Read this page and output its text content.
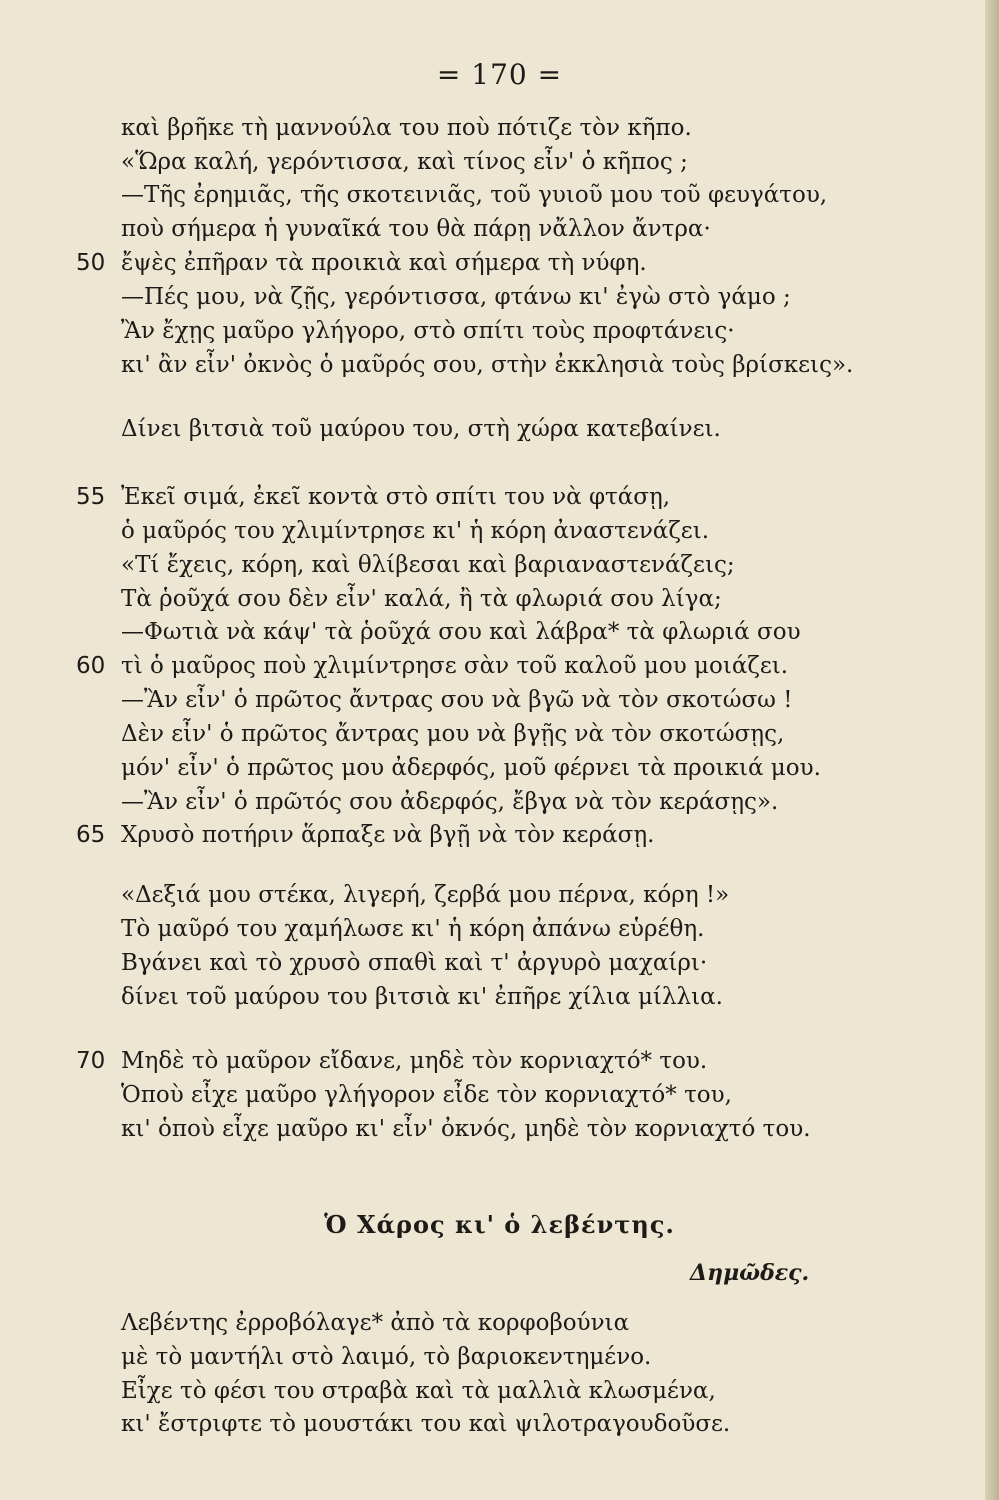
= 170 =
καὶ βρῆκε τὴ μαννούλα του ποὺ πότιζε τὸν κῆπο.
«Ὥρα καλή, γερόντισσα, καὶ τίνος εἶν' ὁ κῆπος ;
—Τῆς ἐρημιᾶς, τῆς σκοτεινιᾶς, τοῦ γυιοῦ μου τοῦ φευγάτου,
ποὺ σήμερα ἡ γυναῖκά του θὰ πάρῃ νἄλλον ἄντρα·
50 ἔψὲς ἐπῆραν τὰ προικιὰ καὶ σήμερα τὴ νύφη.
—Πές μου, νὰ ζῇς, γερόντισσα, φτάνω κι' ἐγὼ στὸ γάμο ;
Ἂν ἔχῃς μαῦρο γλήγορο, στὸ σπίτι τοὺς προφτάνεις·
κι' ἂν εἶν' ὀκνὸς ὁ μαῦρός σου, στὴν ἐκκλησιὰ τοὺς βρίσκεις».
Δίνει βιτσιὰ τοῦ μαύρου του, στὴ χώρα κατεβαίνει.
55 Ἐκεῖ σιμά, ἐκεῖ κοντὰ στὸ σπίτι του νὰ φτάσῃ,
ὁ μαῦρός του χλιμίντρησε κι' ἡ κόρη ἀναστενάζει.
«Τί ἔχεις, κόρη, καὶ θλίβεσαι καὶ βαριαναστενάζεις;
Τὰ ῥοῦχά σου δὲν εἶν' καλά, ἢ τὰ φλωριά σου λίγα;
—Φωτιὰ νὰ κάψ' τὰ ῥοῦχά σου καὶ λάβρα* τὰ φλωριά σου
60 τὶ ὁ μαῦρος ποὺ χλιμίντρησε σὰν τοῦ καλοῦ μου μοιάζει.
—Ἂν εἶν' ὁ πρῶτος ἄντρας σου νὰ βγῶ νὰ τὸν σκοτώσω !
Δὲν εἶν' ὁ πρῶτος ἄντρας μου νὰ βγῇς νὰ τὸν σκοτώσῃς,
μόν' εἶν' ὁ πρῶτος μου ἀδερφός, μοῦ φέρνει τὰ προικιά μου.
—Ἂν εἶν' ὁ πρῶτός σου ἀδερφός, ἔβγα νὰ τὸν κεράσῃς».
65 Χρυσὸ ποτήριν ἅρπαξε νὰ βγῇ νὰ τὸν κεράσῃ.
«Δεξιά μου στέκα, λιγερή, ζερβά μου πέρνα, κόρη !»
Τὸ μαῦρό του χαμήλωσε κι' ἡ κόρη ἀπάνω εὑρέθη.
Βγάνει καὶ τὸ χρυσὸ σπαθὶ καὶ τ' ἀργυρὸ μαχαίρι·
δίνει τοῦ μαύρου του βιτσιὰ κι' ἐπῆρε χίλια μίλλια.
70 Μηδὲ τὸ μαῦρον εἴδανε, μηδὲ τὸν κορνιαχτό* του.
Ὁποὺ εἶχε μαῦρο γλήγορον εἶδε τὸν κορνιαχτό* του,
κι' ὁποὺ εἶχε μαῦρο κι' εἶν' ὀκνός, μηδὲ τὸν κορνιαχτό του.
Ὁ Χάρος κι' ὁ λεβέντης.
Δημῶδες.
Λεβέντης ἐρροβόλαγε* ἀπὸ τὰ κορφοβούνια
μὲ τὸ μαντήλι στὸ λαιμό, τὸ βαριοκεντημένο.
Εἶχε τὸ φέσι του στραβὰ καὶ τὰ μαλλιὰ κλωσμένα,
κι' ἔστριφτε τὸ μουστάκι του καὶ ψιλοτραγουδοῦσε.
